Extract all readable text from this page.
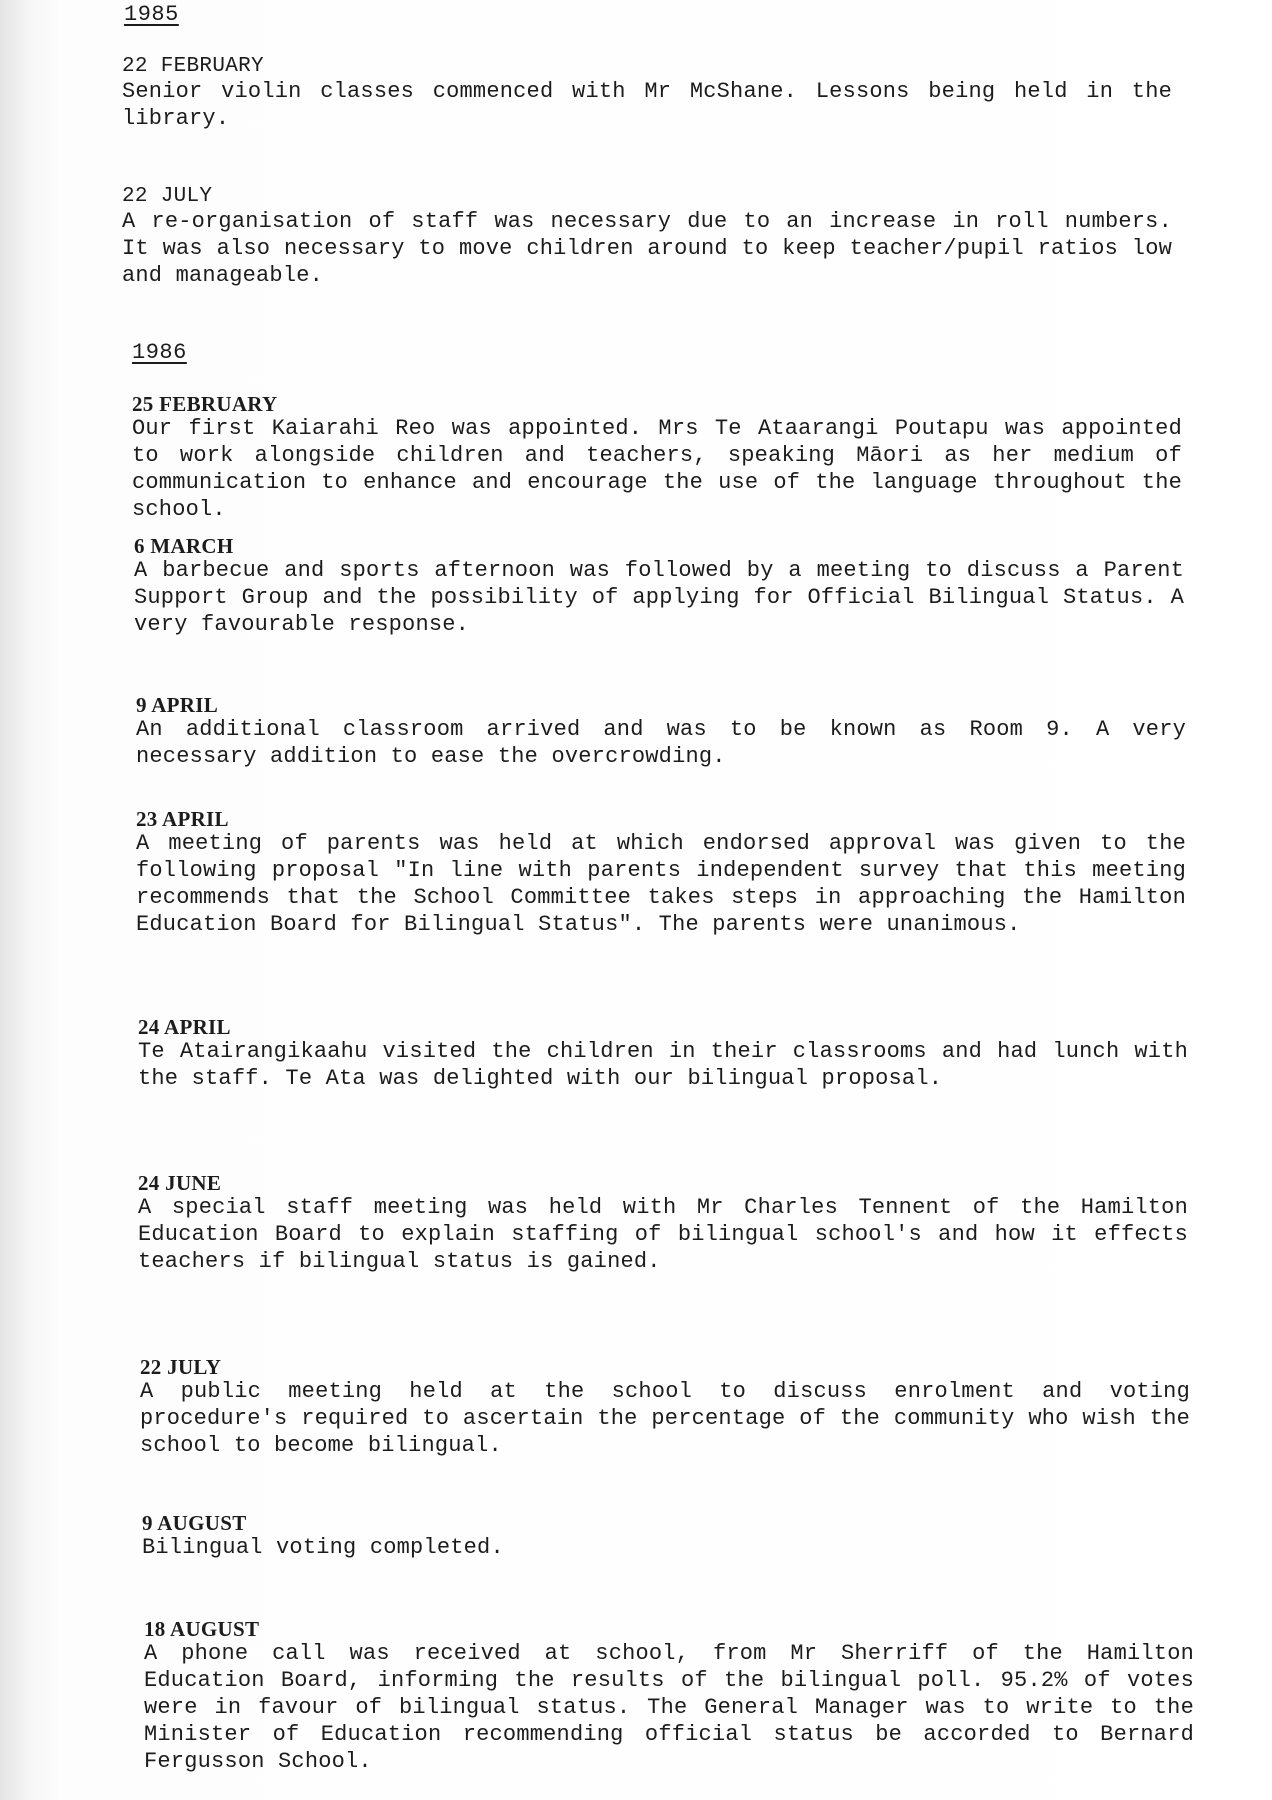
1985
22 FEBRUARY
Senior violin classes commenced with Mr McShane. Lessons being held in the library.
22 JULY
A re-organisation of staff was necessary due to an increase in roll numbers. It was also necessary to move children around to keep teacher/pupil ratios low and manageable.
1986
25 FEBRUARY
Our first Kaiarahi Reo was appointed. Mrs Te Ataarangi Poutapu was appointed to work alongside children and teachers, speaking Māori as her medium of communication to enhance and encourage the use of the language throughout the school.
6 MARCH
A barbecue and sports afternoon was followed by a meeting to discuss a Parent Support Group and the possibility of applying for Official Bilingual Status. A very favourable response.
9 APRIL
An additional classroom arrived and was to be known as Room 9. A very necessary addition to ease the overcrowding.
23 APRIL
A meeting of parents was held at which endorsed approval was given to the following proposal "In line with parents independent survey that this meeting recommends that the School Committee takes steps in approaching the Hamilton Education Board for Bilingual Status". The parents were unanimous.
24 APRIL
Te Atairangikaahu visited the children in their classrooms and had lunch with the staff. Te Ata was delighted with our bilingual proposal.
24 JUNE
A special staff meeting was held with Mr Charles Tennent of the Hamilton Education Board to explain staffing of bilingual school's and how it effects teachers if bilingual status is gained.
22 JULY
A public meeting held at the school to discuss enrolment and voting procedure's required to ascertain the percentage of the community who wish the school to become bilingual.
9 AUGUST
Bilingual voting completed.
18 AUGUST
A phone call was received at school, from Mr Sherriff of the Hamilton Education Board, informing the results of the bilingual poll. 95.2% of votes were in favour of bilingual status. The General Manager was to write to the Minister of Education recommending official status be accorded to Bernard Fergusson School.
